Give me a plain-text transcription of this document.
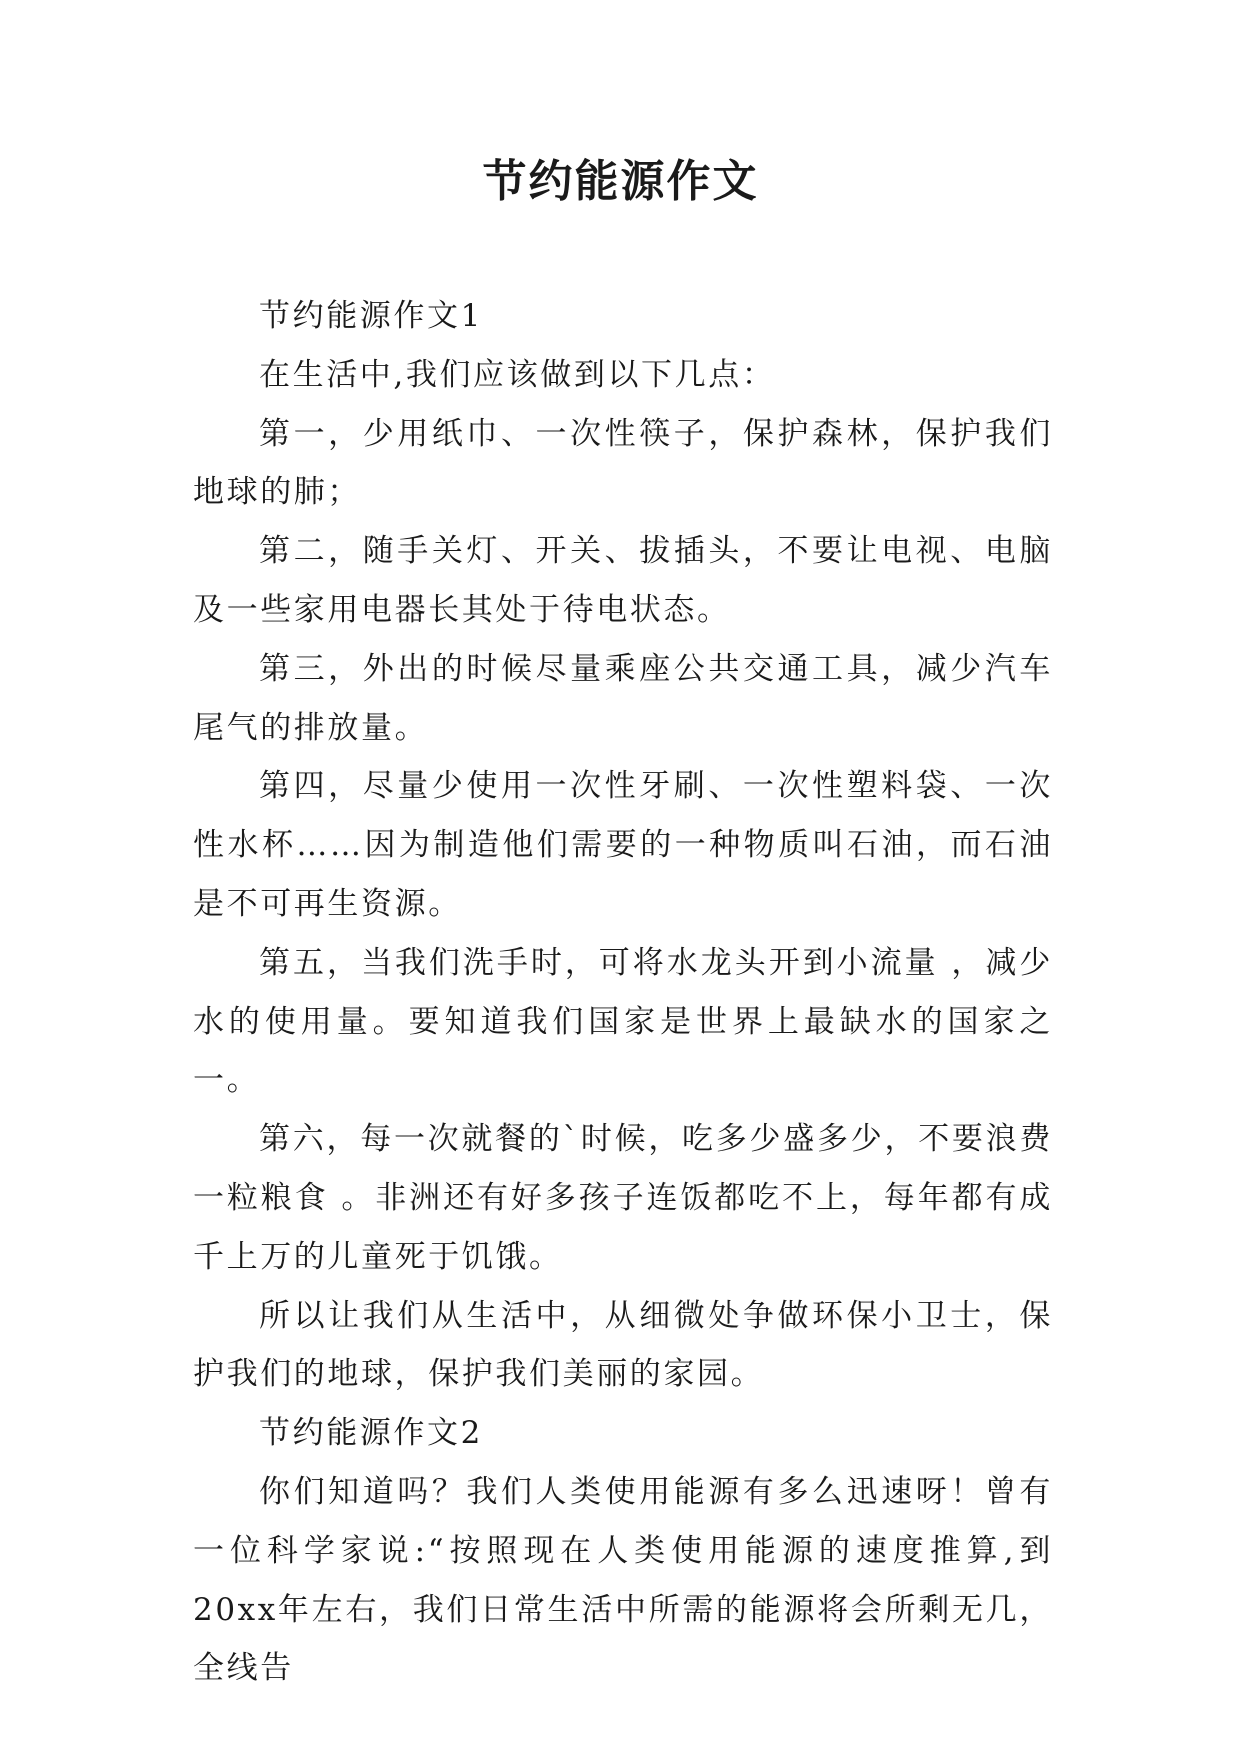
节约能源作文

节约能源作文1

在生活中,我们应该做到以下几点：

第一，少用纸巾、一次性筷子，保护森林，保护我们地球的肺；

第二，随手关灯、开关、拔插头，不要让电视、电脑及一些家用电器长其处于待电状态。

第三，外出的时候尽量乘座公共交通工具，减少汽车尾气的排放量。

第四，尽量少使用一次性牙刷、一次性塑料袋、一次性水杯……因为制造他们需要的一种物质叫石油，而石油是不可再生资源。

第五，当我们洗手时，可将水龙头开到小流量 ，减少水的使用量。要知道我们国家是世界上最缺水的国家之一。

第六，每一次就餐的`时候，吃多少盛多少，不要浪费一粒粮食 。非洲还有好多孩子连饭都吃不上，每年都有成千上万的儿童死于饥饿。

所以让我们从生活中，从细微处争做环保小卫士，保护我们的地球，保护我们美丽的家园。

节约能源作文2

你们知道吗？我们人类使用能源有多么迅速呀！曾有一位科学家说:“按照现在人类使用能源的速度推算,到20xx年左右，我们日常生活中所需的能源将会所剩无几，全线告
